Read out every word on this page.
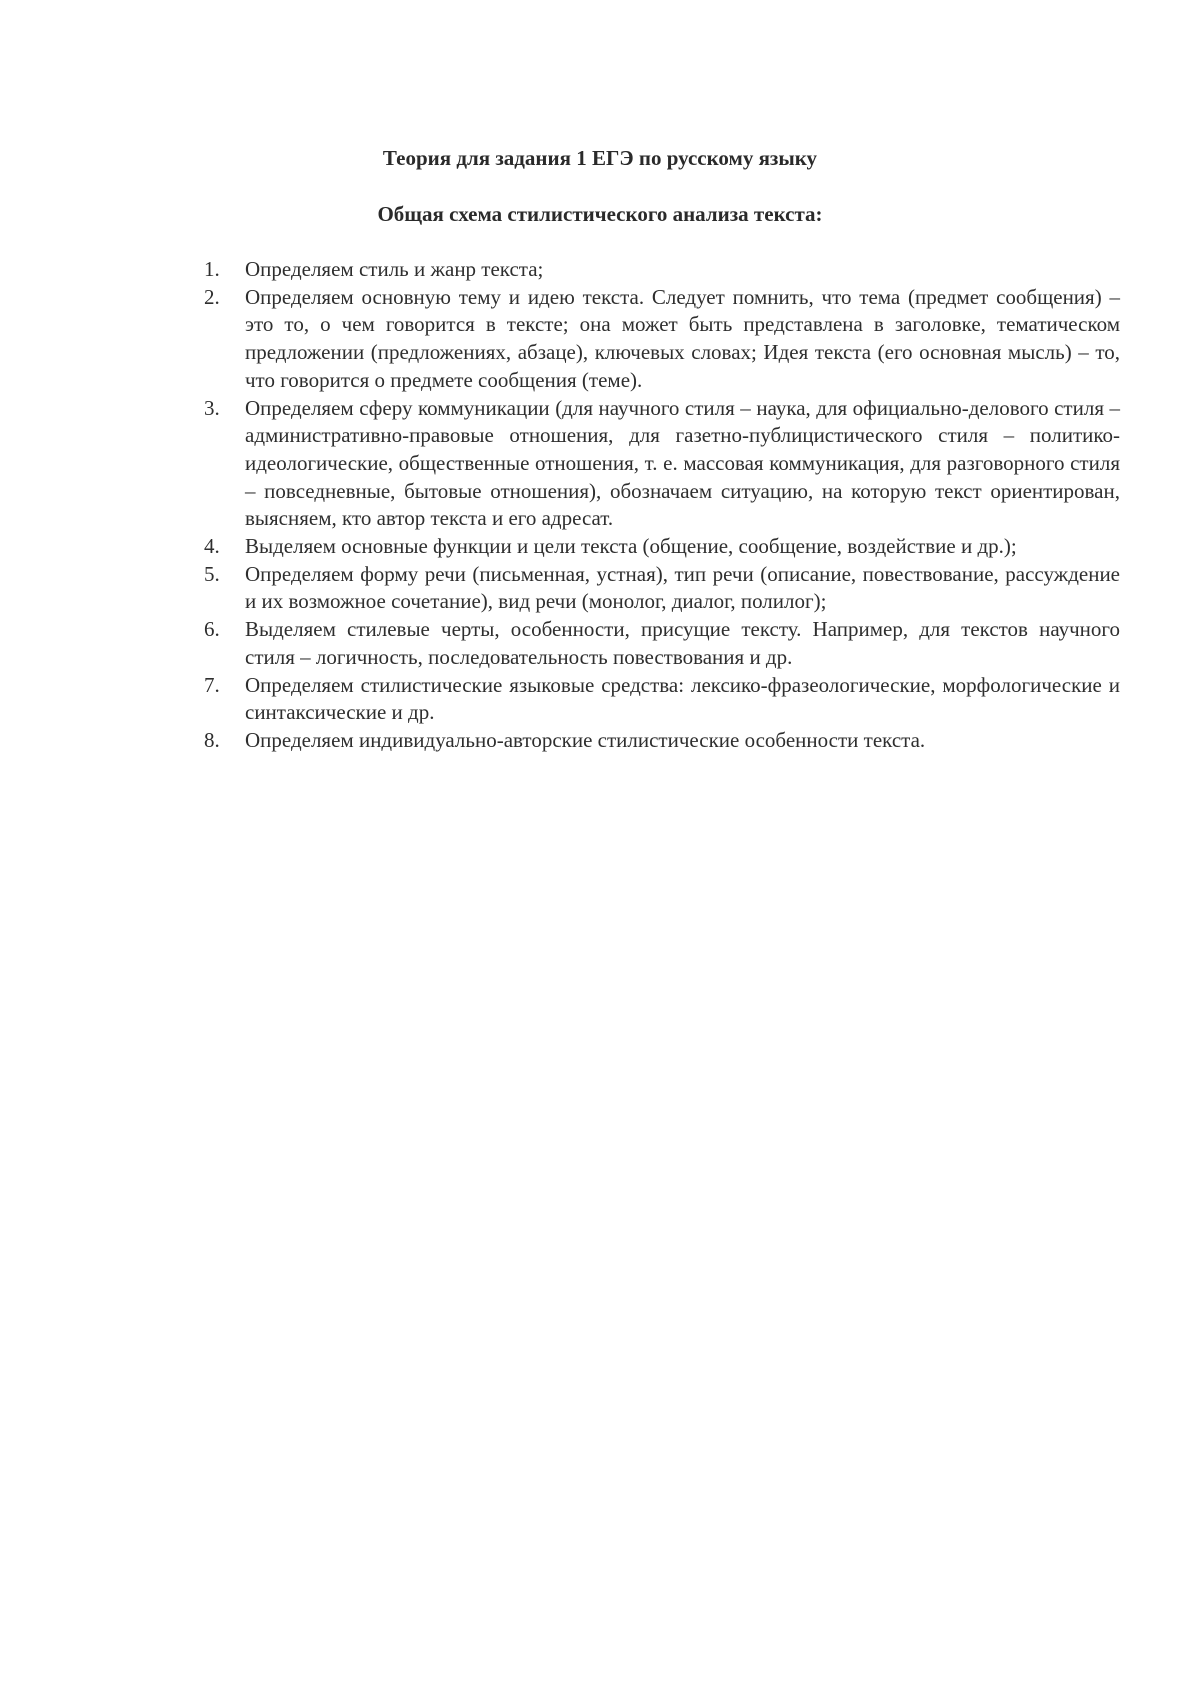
Теория для задания 1 ЕГЭ по русскому языку
Общая схема стилистического анализа текста:
1. Определяем стиль и жанр текста;
2. Определяем основную тему и идею текста. Следует помнить, что тема (предмет сообщения) – это то, о чем говорится в тексте; она может быть представлена в заголовке, тематическом предложении (предложениях, абзаце), ключевых словах; Идея текста (его основная мысль) – то, что говорится о предмете сообщения (теме).
3. Определяем сферу коммуникации (для научного стиля – наука, для официально-делового стиля – административно-правовые отношения, для газетно-публицистического стиля – политико-идеологические, общественные отношения, т. е. массовая коммуникация, для разговорного стиля – повседневные, бытовые отношения), обозначаем ситуацию, на которую текст ориентирован, выясняем, кто автор текста и его адресат.
4. Выделяем основные функции и цели текста (общение, сообщение, воздействие и др.);
5. Определяем форму речи (письменная, устная), тип речи (описание, повествование, рассуждение и их возможное сочетание), вид речи (монолог, диалог, полилог);
6. Выделяем стилевые черты, особенности, присущие тексту. Например, для текстов научного стиля – логичность, последовательность повествования и др.
7. Определяем стилистические языковые средства: лексико-фразеологические, морфологические и синтаксические и др.
8. Определяем индивидуально-авторские стилистические особенности текста.
